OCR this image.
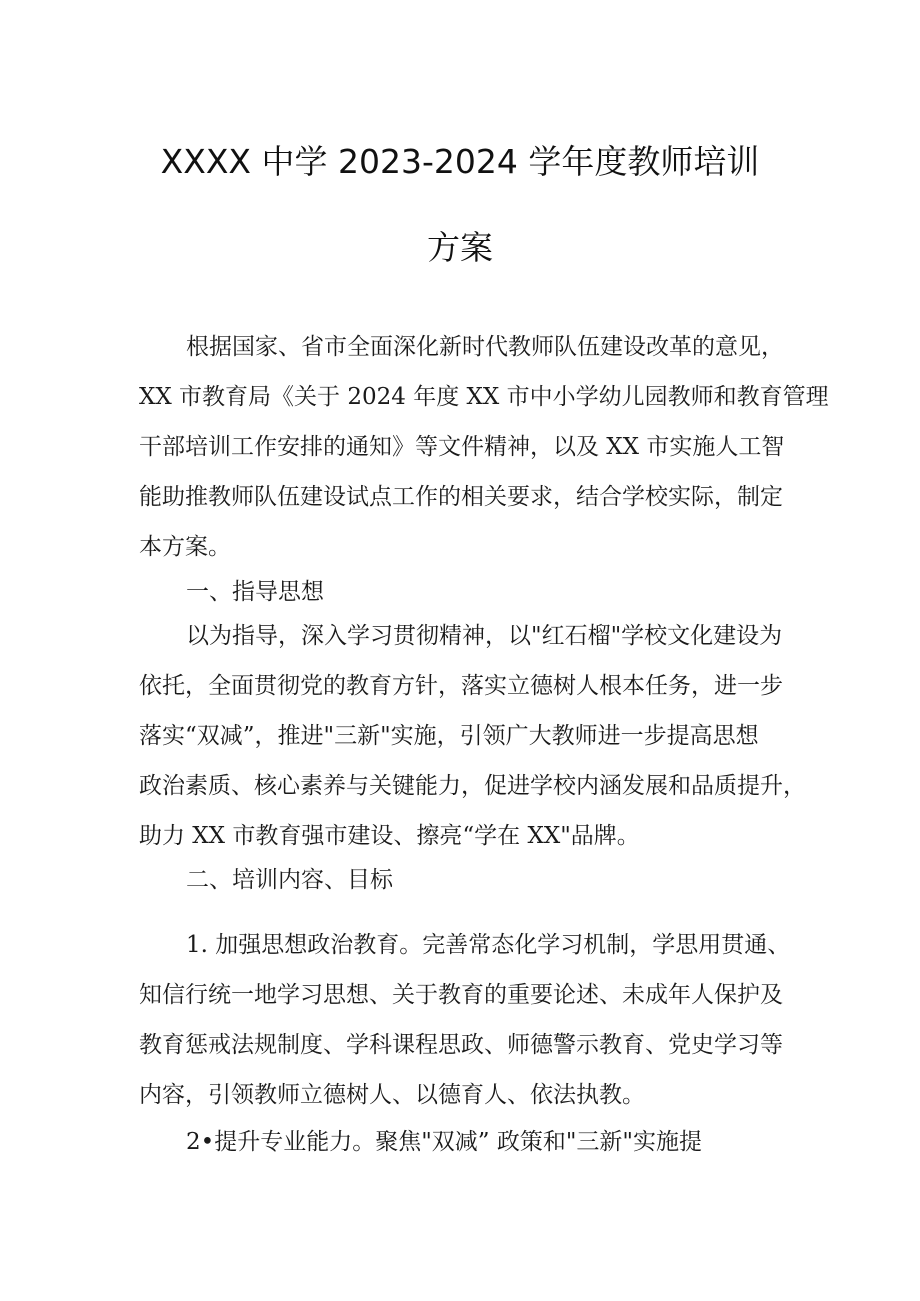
XXXX 中学 2023-2024 学年度教师培训
方案
根据国家、省市全面深化新时代教师队伍建设改革的意见，
XX 市教育局《关于 2024 年度 XX 市中小学幼儿园教师和教育管理
干部培训工作安排的通知》等文件精神，以及 XX 市实施人工智
能助推教师队伍建设试点工作的相关要求，结合学校实际，制定
本方案。
一、指导思想
以为指导，深入学习贯彻精神，以"红石榴"学校文化建设为
依托，全面贯彻党的教育方针，落实立德树人根本任务，进一步
落实“双减”，推进"三新"实施，引领广大教师进一步提高思想
政治素质、核心素养与关键能力，促进学校内涵发展和品质提升，
助力 XX 市教育强市建设、擦亮“学在 XX"品牌。
二、培训内容、目标
1. 加强思想政治教育。完善常态化学习机制，学思用贯通、
知信行统一地学习思想、关于教育的重要论述、未成年人保护及
教育惩戒法规制度、学科课程思政、师德警示教育、党史学习等
内容，引领教师立德树人、以德育人、依法执教。
2•提升专业能力。聚焦"双减” 政策和"三新"实施提
